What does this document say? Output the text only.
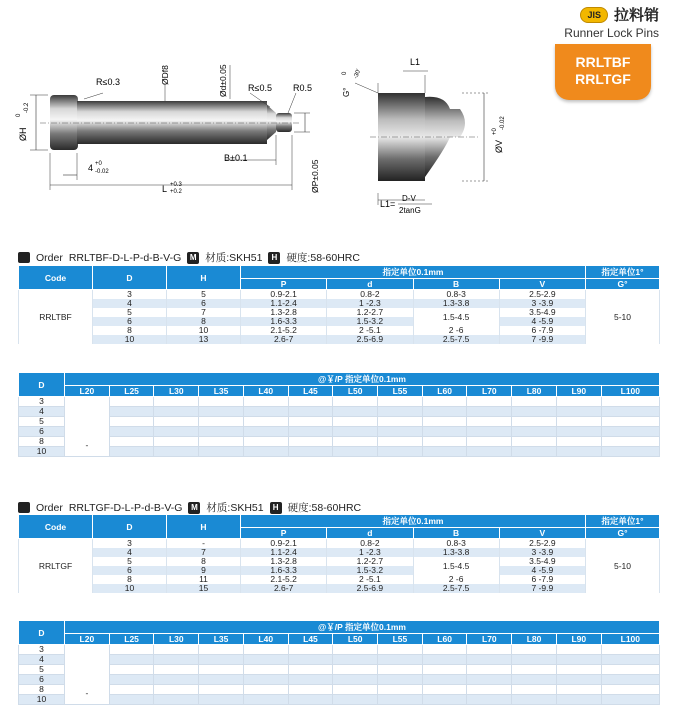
JIS 拉料销
Runner Lock Pins
RRLTBF
RRLTGF
R≤0.3	ØDf8	Ød±0.05 R≤0.5 R0.5
ØH
0
-0.2
4 +0
-0.02
B±0.1
L +0.3
+0.2	ØP±0.05
G°
0 -30'
L1
ØV
+0
-0.02
L1=
D-V
2tanG
Order RRLTBF-D-L-P-d-B-V-G	M 材质:SKH51	H 硬度:58-60HRC
Code	D	H	指定单位0.1mm				指定单位1°
			P	d	B	V	G°
RRLTBF	3	5	0.9-2.1	0.8-2	0.8-3	2.5-2.9	5-10
	4	6	1.1-2.4	1 -2.3	1.3-3.8	3 -3.9	
	5	7	1.3-2.8	1.2-2.7	1.5-4.5	3.5-4.9	
	6	8	1.6-3.3	1.5-3.2		4 -5.9	
	8	10	2.1-5.2	2 -5.1	2 -6	6 -7.9	
	10	13	2.6-7	2.5-6.9	2.5-7.5	7 -9.9	
D	@￥/P 指定单位0.1mm												
	L20	L25	L30	L35	L40	L45	L50	L55	L60	L70	L80	L90	L100
3	-												
4													
5													
6													
8													
10													
Order RRLTGF-D-L-P-d-B-V-G	M 材质:SKH51	H 硬度:58-60HRC
Code	D	H	指定单位0.1mm				指定单位1°
			P	d	B	V	G°
RRLTGF	3	-	0.9-2.1	0.8-2	0.8-3	2.5-2.9	5-10
	4	7	1.1-2.4	1 -2.3	1.3-3.8	3 -3.9	
	5	8	1.3-2.8	1.2-2.7	1.5-4.5	3.5-4.9	
	6	9	1.6-3.3	1.5-3.2		4 -5.9	
	8	11	2.1-5.2	2 -5.1	2 -6	6 -7.9	
	10	15	2.6-7	2.5-6.9	2.5-7.5	7 -9.9	
D	@￥/P 指定单位0.1mm												
	L20	L25	L30	L35	L40	L45	L50	L55	L60	L70	L80	L90	L100
3	-												
4													
5													
6													
8													
10													
